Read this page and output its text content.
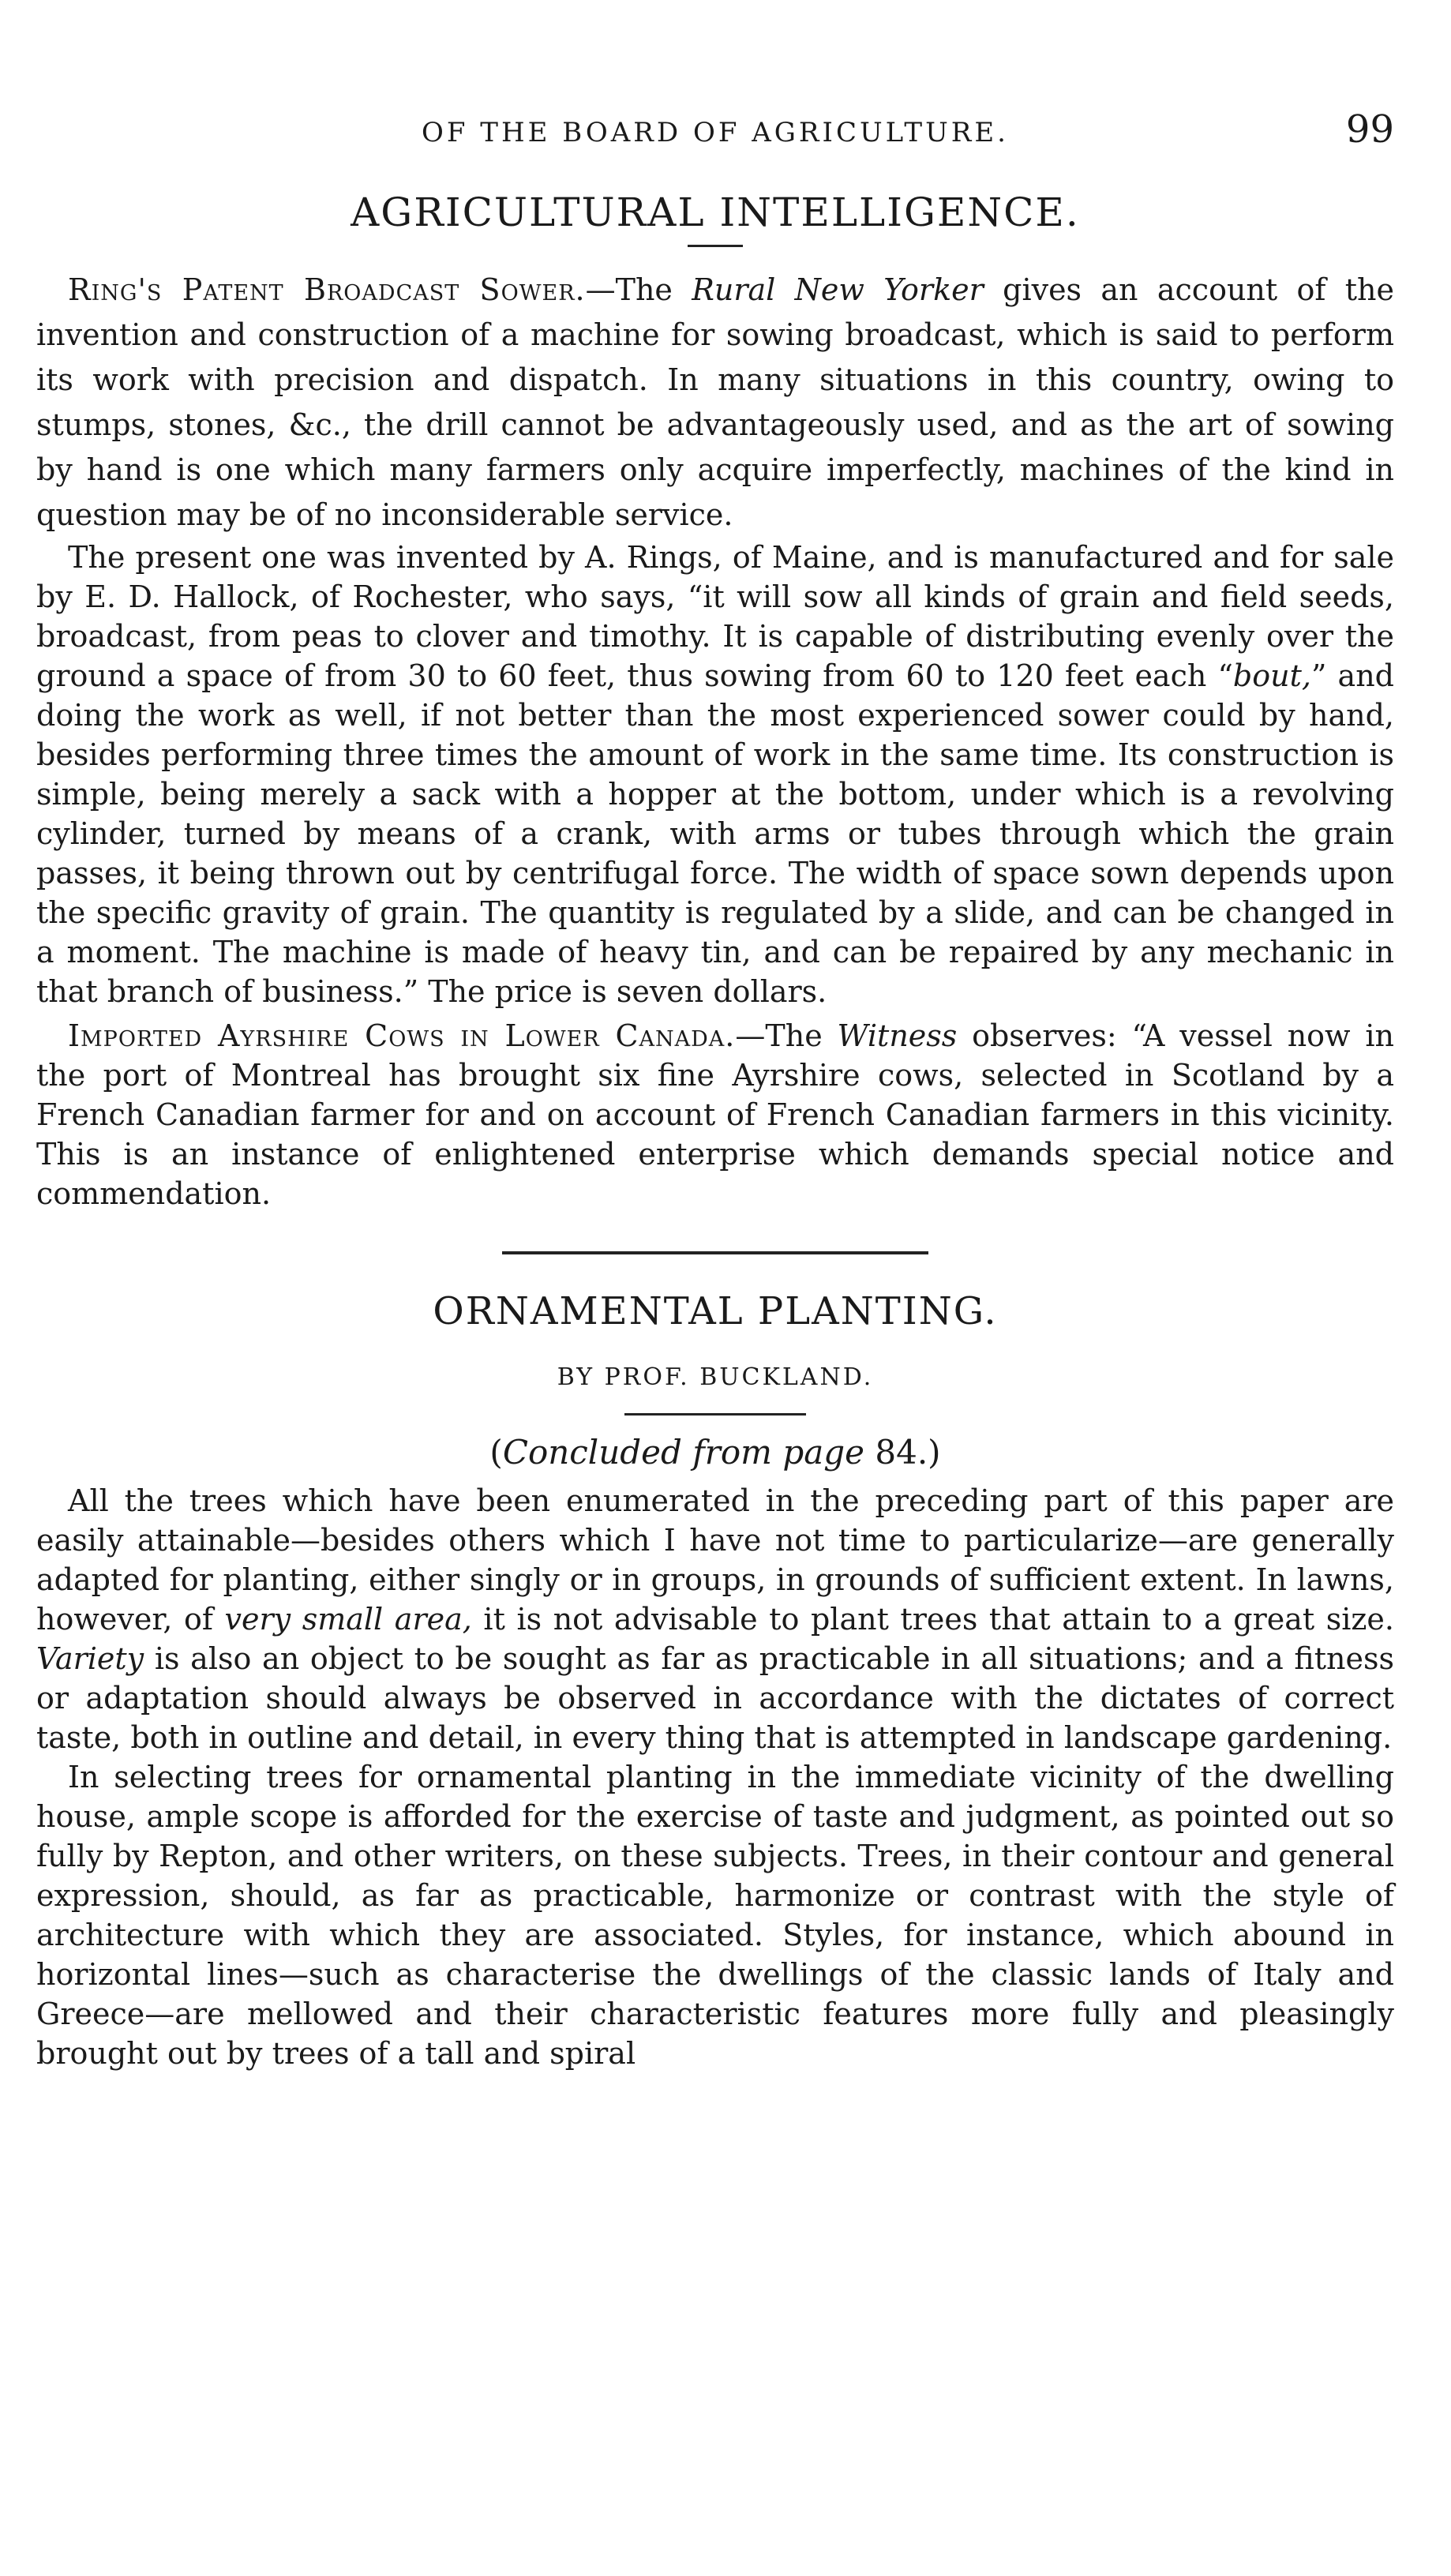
OF THE BOARD OF AGRICULTURE.	99
AGRICULTURAL INTELLIGENCE.

Ring's Patent Broadcast Sower.—The Rural New Yorker gives an account of the invention and construction of a machine for sowing broadcast, which is said to perform its work with precision and dispatch. In many situations in this country, owing to stumps, stones, &c., the drill cannot be advantageously used, and as the art of sowing by hand is one which many farmers only acquire imperfectly, machines of the kind in question may be of no inconsiderable service.

The present one was invented by A. Rings, of Maine, and is manufactured and for sale by E. D. Hallock, of Rochester, who says, “it will sow all kinds of grain and field seeds, broadcast, from peas to clover and timothy. It is capable of distributing evenly over the ground a space of from 30 to 60 feet, thus sowing from 60 to 120 feet each “bout,” and doing the work as well, if not better than the most experienced sower could by hand, besides performing three times the amount of work in the same time. Its construction is simple, being merely a sack with a hopper at the bottom, under which is a revolving cylinder, turned by means of a crank, with arms or tubes through which the grain passes, it being thrown out by centrifugal force. The width of space sown depends upon the specific gravity of grain. The quantity is regulated by a slide, and can be changed in a moment. The machine is made of heavy tin, and can be repaired by any mechanic in that branch of business.” The price is seven dollars.

Imported Ayrshire Cows in Lower Canada.—The Witness observes: “A vessel now in the port of Montreal has brought six fine Ayrshire cows, selected in Scotland by a French Canadian farmer for and on account of French Canadian farmers in this vicinity. This is an instance of enlightened enterprise which demands special notice and commendation.

ORNAMENTAL PLANTING.
BY PROF. BUCKLAND.
(Concluded from page 84.)

All the trees which have been enumerated in the preceding part of this paper are easily attainable—besides others which I have not time to particularize—are generally adapted for planting, either singly or in groups, in grounds of sufficient extent. In lawns, however, of very small area, it is not advisable to plant trees that attain to a great size. Variety is also an object to be sought as far as practicable in all situations; and a fitness or adaptation should always be observed in accordance with the dictates of correct taste, both in outline and detail, in every thing that is attempted in landscape gardening.

In selecting trees for ornamental planting in the immediate vicinity of the dwelling house, ample scope is afforded for the exercise of taste and judgment, as pointed out so fully by Repton, and other writers, on these subjects. Trees, in their contour and general expression, should, as far as practicable, harmonize or contrast with the style of architecture with which they are associated. Styles, for instance, which abound in horizontal lines—such as characterise the dwellings of the classic lands of Italy and Greece—are mellowed and their characteristic features more fully and pleasingly brought out by trees of a tall and spiral
